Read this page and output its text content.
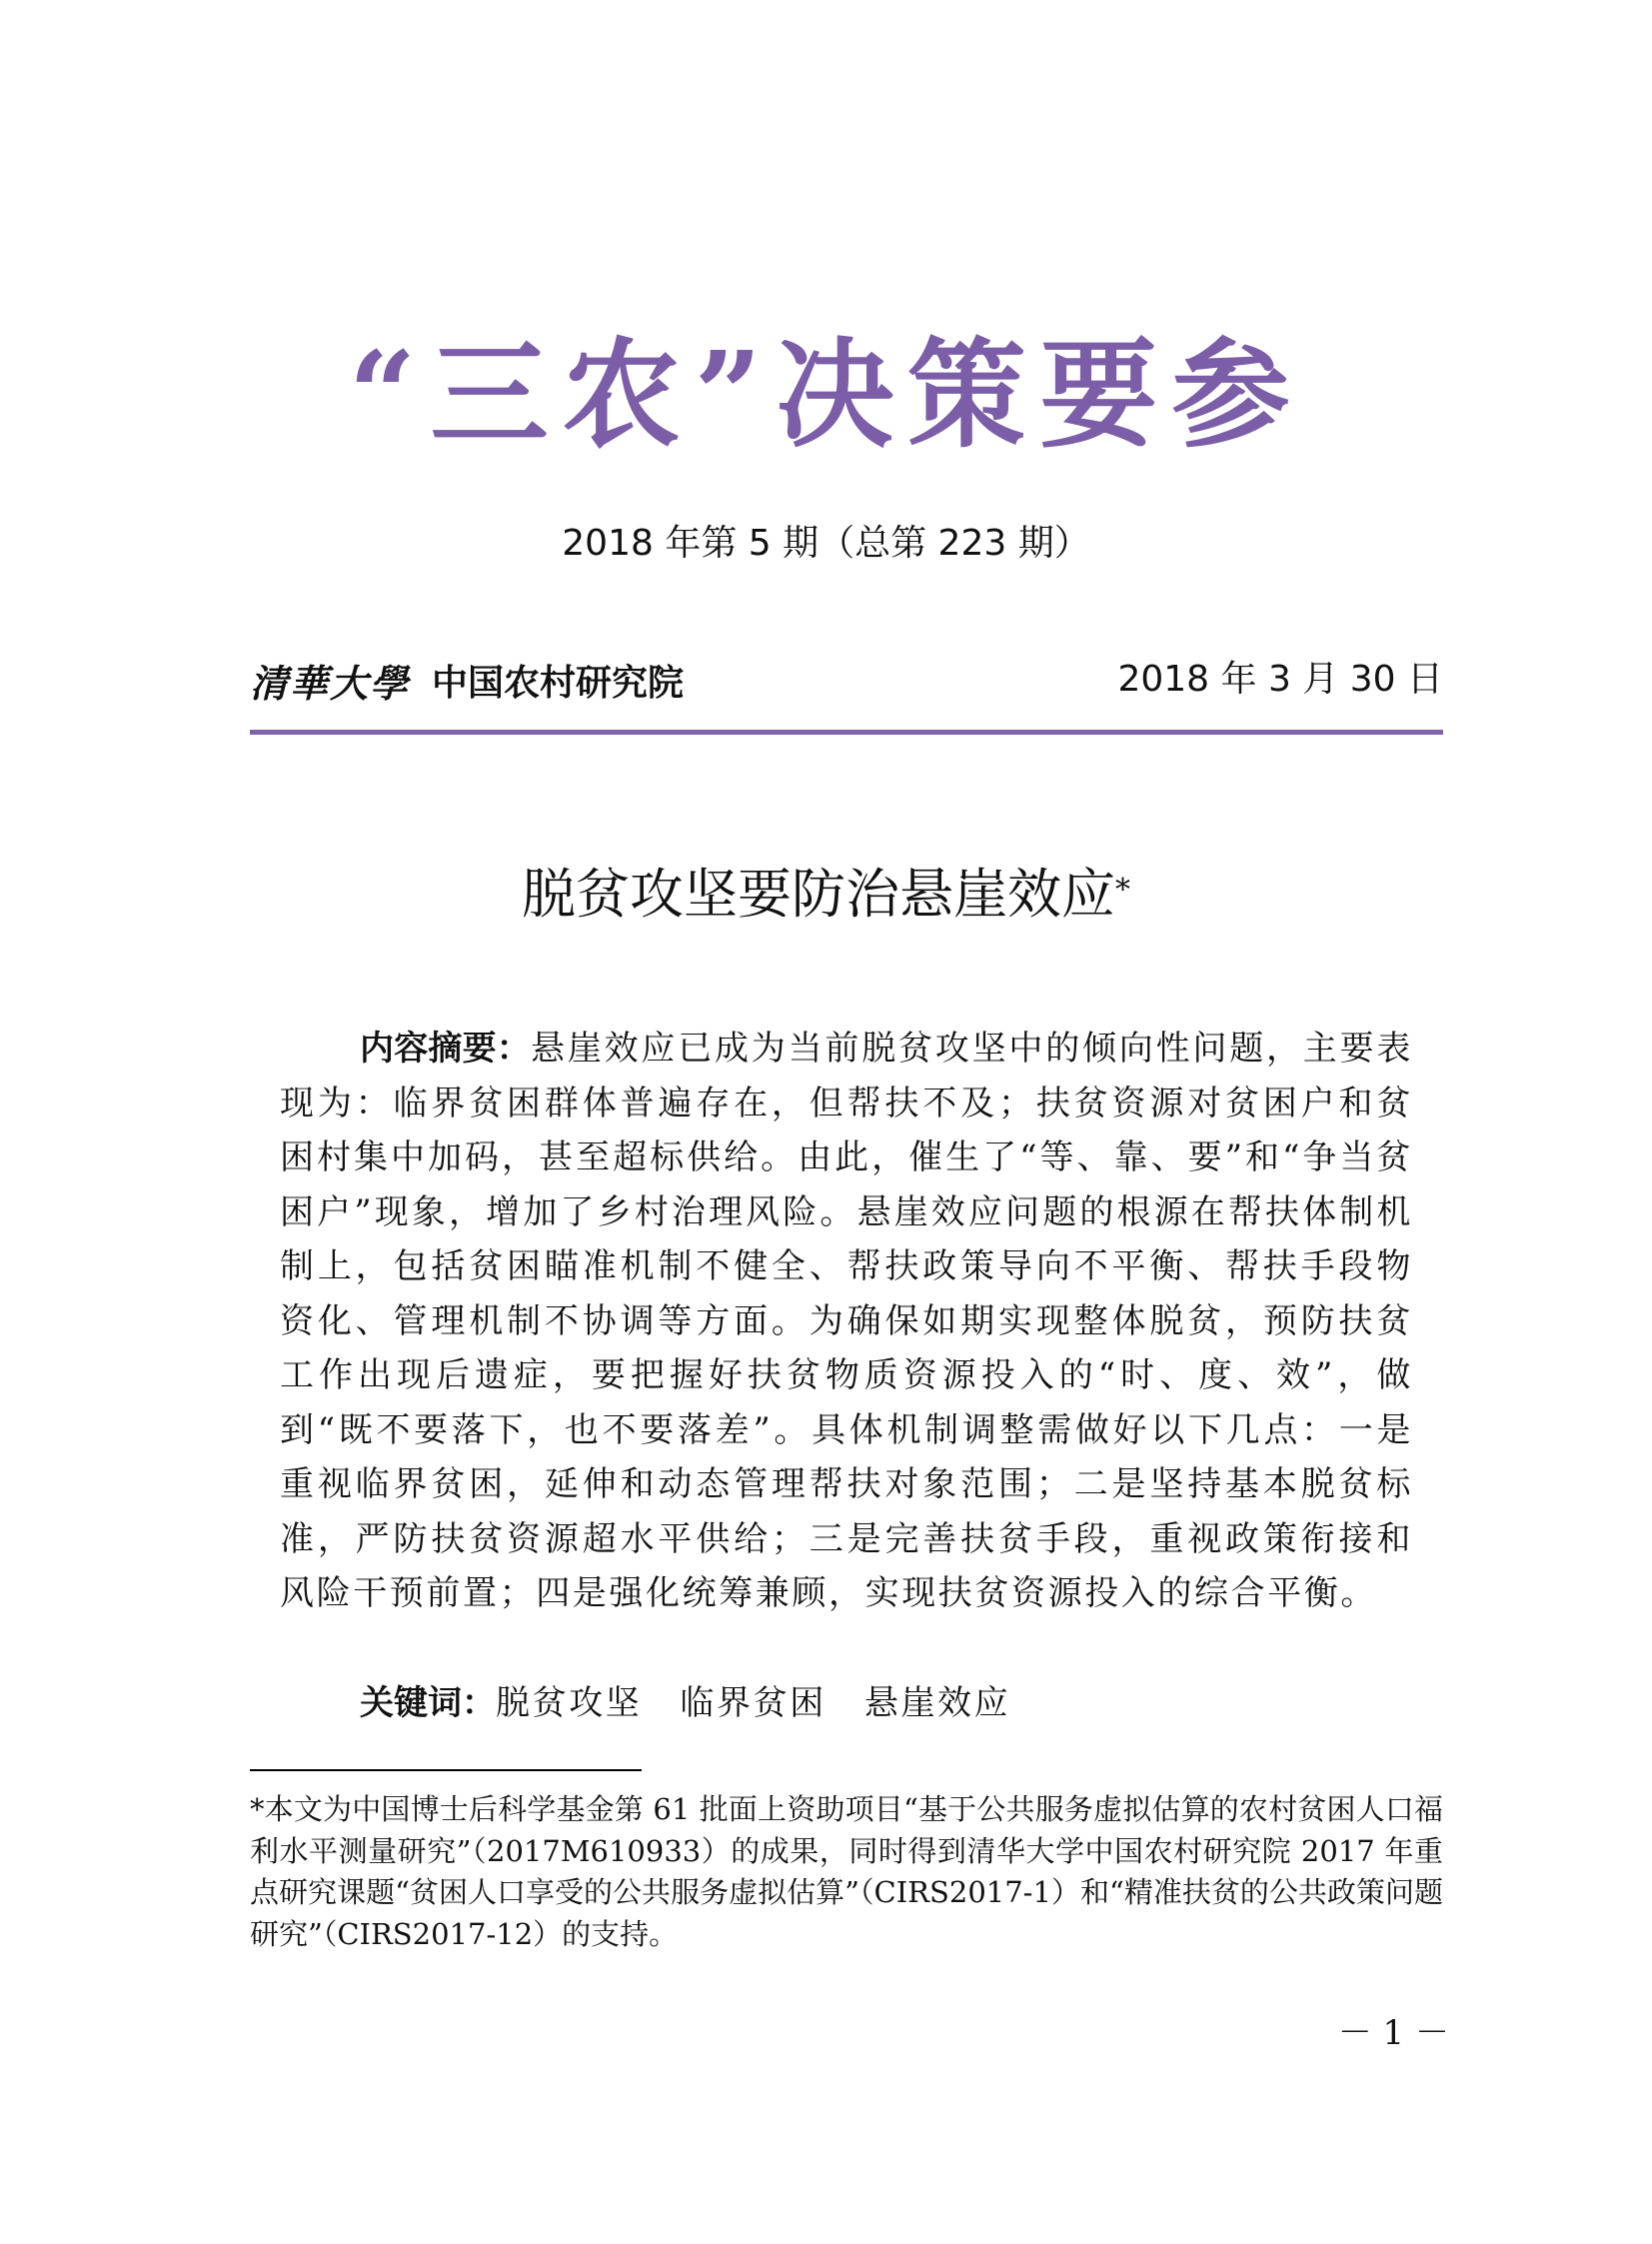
“三农”决策要参
2018 年第 5 期（总第 223 期）
清華大學 中国农村研究院	2018 年 3 月 30 日
脱贫攻坚要防治悬崖效应*

内容摘要：悬崖效应已成为当前脱贫攻坚中的倾向性问题，主要表现为：临界贫困群体普遍存在，但帮扶不及；扶贫资源对贫困户和贫困村集中加码，甚至超标供给。由此，催生了“等、靠、要”和“争当贫困户”现象，增加了乡村治理风险。悬崖效应问题的根源在帮扶体制机制上，包括贫困瞄准机制不健全、帮扶政策导向不平衡、帮扶手段物资化、管理机制不协调等方面。为确保如期实现整体脱贫，预防扶贫工作出现后遗症，要把握好扶贫物质资源投入的“时、度、效”，做到“既不要落下，也不要落差”。具体机制调整需做好以下几点：一是重视临界贫困，延伸和动态管理帮扶对象范围；二是坚持基本脱贫标准，严防扶贫资源超水平供给；三是完善扶贫手段，重视政策衔接和风险干预前置；四是强化统筹兼顾，实现扶贫资源投入的综合平衡。

关键词：脱贫攻坚 临界贫困 悬崖效应

*本文为中国博士后科学基金第 61 批面上资助项目“基于公共服务虚拟估算的农村贫困人口福利水平测量研究”（2017M610933）的成果，同时得到清华大学中国农村研究院 2017 年重点研究课题“贫困人口享受的公共服务虚拟估算”（CIRS2017-1）和“精准扶贫的公共政策问题研究”（CIRS2017-12）的支持。

－ 1 －
